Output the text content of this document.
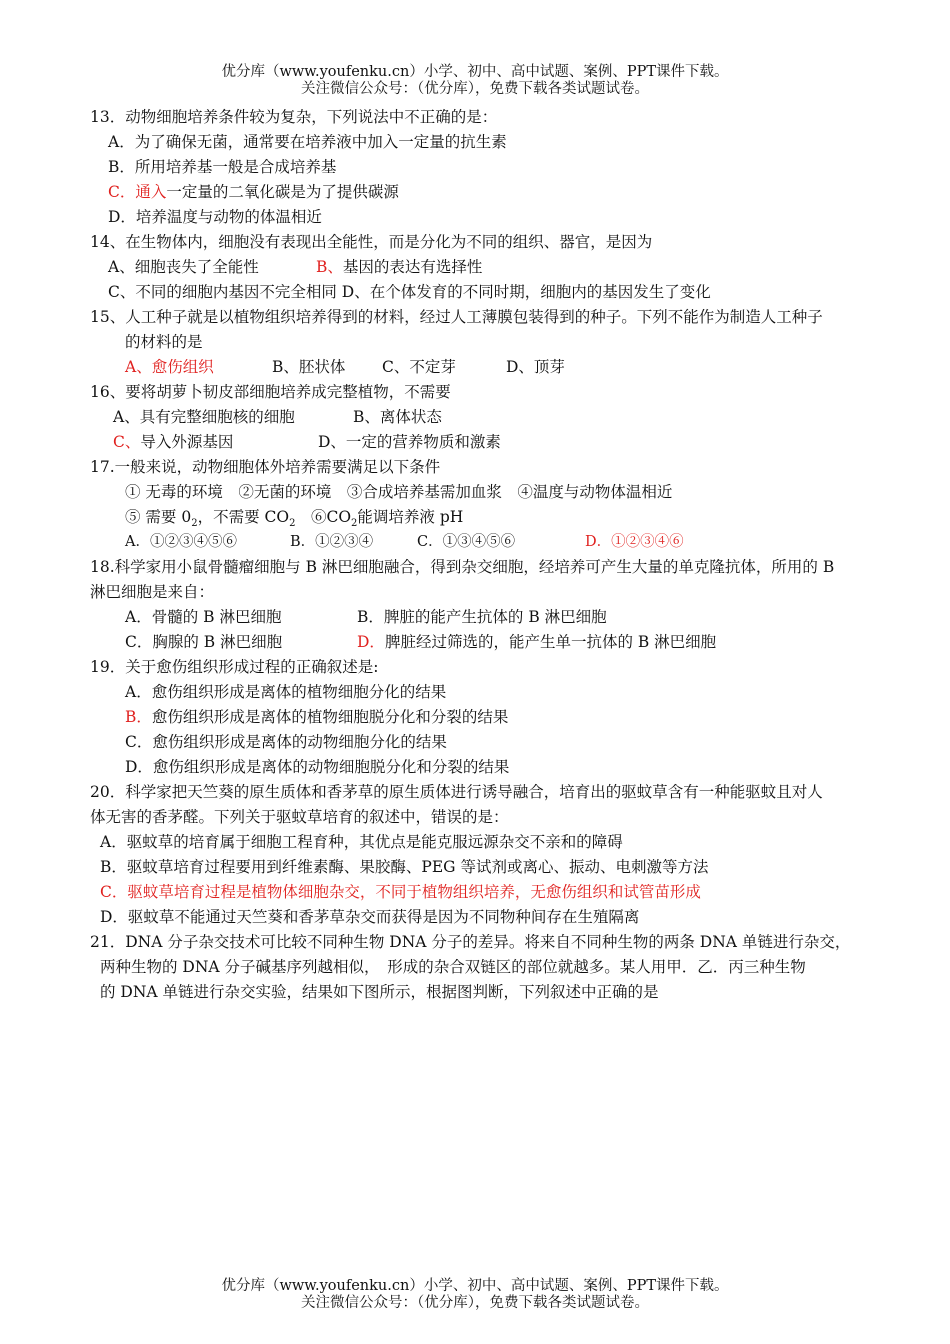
优分库（www.youfenku.cn）小学、初中、高中试题、案例、PPT课件下载。
关注微信公众号：（优分库），免费下载各类试题试卷。
13．动物细胞培养条件较为复杂，下列说法中不正确的是：
A．为了确保无菌，通常要在培养液中加入一定量的抗生素
B．所用培养基一般是合成培养基
C．通入一定量的二氧化碳是为了提供碳源
D．培养温度与动物的体温相近
14、在生物体内，细胞没有表现出全能性，而是分化为不同的组织、器官，是因为
A、细胞丧失了全能性	B、基因的表达有选择性
C、不同的细胞内基因不完全相同 D、在个体发育的不同时期，细胞内的基因发生了变化
15、人工种子就是以植物组织培养得到的材料，经过人工薄膜包装得到的种子。下列不能作为制造人工种子
的材料的是
A、愈伤组织	B、胚状体 C、不定芽	D、顶芽
16、要将胡萝卜韧皮部细胞培养成完整植物，不需要
A、具有完整细胞核的细胞	B、离体状态
C、导入外源基因	D、一定的营养物质和激素
17.一般来说，动物细胞体外培养需要满足以下条件
① 无毒的环境　②无菌的环境　③合成培养基需加血浆　④温度与动物体温相近
⑤ 需要 $0_2$，不需要 $CO_2$　$⑥CO_2$能调培养液 pH
A．①②③④⑤⑥	B．①②③④	C．①③④⑤⑥	D．①②③④⑥
18.科学家用小鼠骨髓瘤细胞与 B 淋巴细胞融合，得到杂交细胞，经培养可产生大量的单克隆抗体，所用的 B
淋巴细胞是来自：
A．骨髓的 B 淋巴细胞	B．脾脏的能产生抗体的 B 淋巴细胞
C．胸腺的 B 淋巴细胞	D．脾脏经过筛选的，能产生单一抗体的 B 淋巴细胞
19．关于愈伤组织形成过程的正确叙述是:
A．愈伤组织形成是离体的植物细胞分化的结果
B．愈伤组织形成是离体的植物细胞脱分化和分裂的结果
C．愈伤组织形成是离体的动物细胞分化的结果
D．愈伤组织形成是离体的动物细胞脱分化和分裂的结果
20．科学家把天竺葵的原生质体和香茅草的原生质体进行诱导融合，培育出的驱蚊草含有一种能驱蚊且对人
体无害的香茅醛。下列关于驱蚊草培育的叙述中，错误的是：
A．驱蚊草的培育属于细胞工程育种，其优点是能克服远源杂交不亲和的障碍
B．驱蚊草培育过程要用到纤维素酶、果胶酶、PEG 等试剂或离心、振动、电刺激等方法
C．驱蚊草培育过程是植物体细胞杂交，不同于植物组织培养，无愈伤组织和试管苗形成
D．驱蚊草不能通过天竺葵和香茅草杂交而获得是因为不同物种间存在生殖隔离
21．DNA 分子杂交技术可比较不同种生物 DNA 分子的差异。将来自不同种生物的两条 DNA 单链进行杂交，
两种生物的 DNA 分子碱基序列越相似，　形成的杂合双链区的部位就越多。某人用甲．乙．丙三种生物
的 DNA 单链进行杂交实验，结果如下图所示，根据图判断，下列叙述中正确的是
优分库（www.youfenku.cn）小学、初中、高中试题、案例、PPT课件下载。
关注微信公众号：（优分库），免费下载各类试题试卷。
